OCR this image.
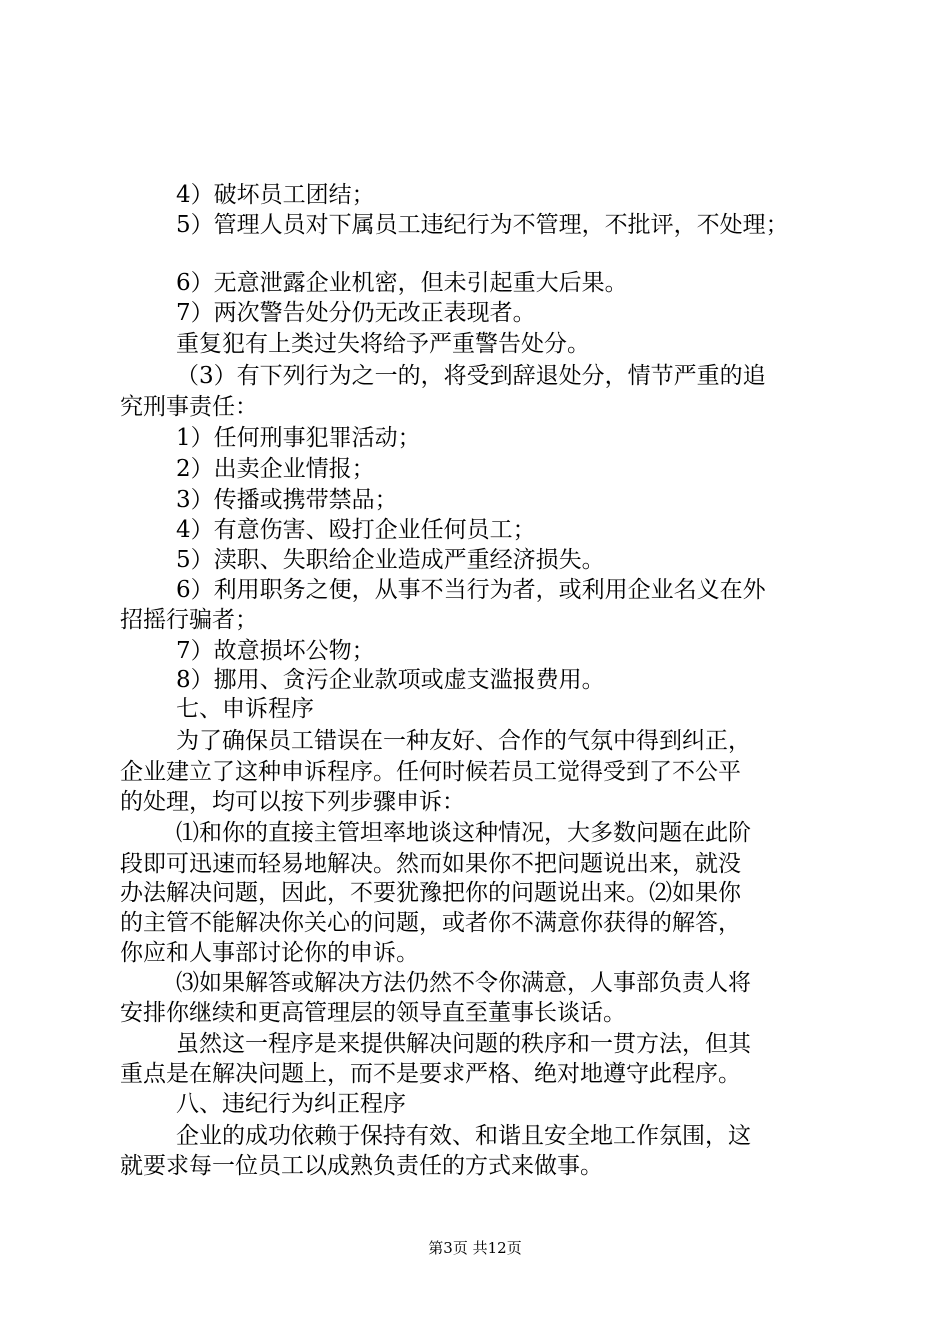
4）破坏员工团结；
5）管理人员对下属员工违纪行为不管理，不批评，不处理；
6）无意泄露企业机密，但未引起重大后果。
7）两次警告处分仍无改正表现者。
重复犯有上类过失将给予严重警告处分。
（3）有下列行为之一的，将受到辞退处分，情节严重的追
究刑事责任：
1）任何刑事犯罪活动；
2）出卖企业情报；
3）传播或携带禁品；
4）有意伤害、殴打企业任何员工；
5）渎职、失职给企业造成严重经济损失。
6）利用职务之便，从事不当行为者，或利用企业名义在外
招摇行骗者；
7）故意损坏公物；
8）挪用、贪污企业款项或虚支滥报费用。
七、申诉程序
为了确保员工错误在一种友好、合作的气氛中得到纠正，
企业建立了这种申诉程序。任何时候若员工觉得受到了不公平
的处理，均可以按下列步骤申诉：
⑴和你的直接主管坦率地谈这种情况，大多数问题在此阶
段即可迅速而轻易地解决。然而如果你不把问题说出来，就没
办法解决问题，因此，不要犹豫把你的问题说出来。⑵如果你
的主管不能解决你关心的问题，或者你不满意你获得的解答，
你应和人事部讨论你的申诉。
⑶如果解答或解决方法仍然不令你满意，人事部负责人将
安排你继续和更高管理层的领导直至董事长谈话。
虽然这一程序是来提供解决问题的秩序和一贯方法，但其
重点是在解决问题上，而不是要求严格、绝对地遵守此程序。
八、违纪行为纠正程序
企业的成功依赖于保持有效、和谐且安全地工作氛围，这
就要求每一位员工以成熟负责任的方式来做事。
第3页 共12页
